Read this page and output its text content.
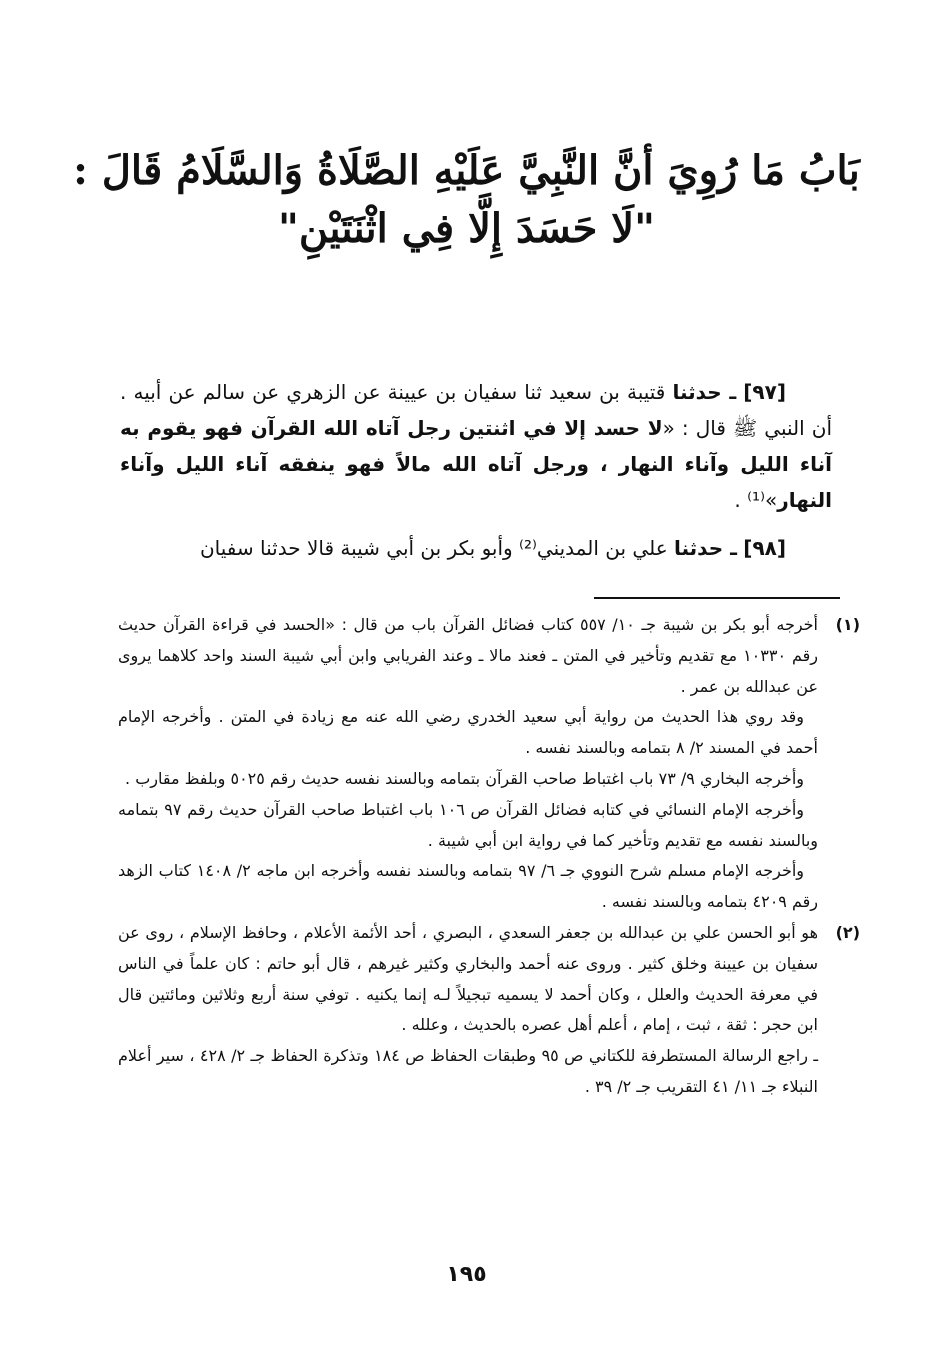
بَابُ مَا رُوِيَ أنَّ النَّبِيَّ عَلَيْهِ الصَّلَاةُ وَالسَّلَامُ قَالَ :
"لَا حَسَدَ إِلَّا فِي اثْنَتَيْنِ"

[٩٧] ـ حدثنا قتيبة بن سعيد ثنا سفيان بن عيينة عن الزهري عن سالم عن أبيه . أن النبي ﷺ قال : «لا حسد إلا في اثنتين رجل آتاه الله القرآن فهو يقوم به آناء الليل وآناء النهار ، ورجل آتاه الله مالاً فهو ينفقه آناء الليل وآناء النهار»⁽¹⁾ .

[٩٨] ـ حدثنا علي بن المديني⁽²⁾ وأبو بكر بن أبي شيبة قالا حدثنا سفيان

(١)

أخرجه أبو بكر بن شيبة جـ ١٠/ ٥٥٧ كتاب فضائل القرآن باب من قال : «الحسد في قراءة القرآن حديث رقم ١٠٣٣٠ مع تقديم وتأخير في المتن ـ فعند مالا ـ وعند الفريابي وابن أبي شيبة السند واحد كلاهما يروى عن عبدالله بن عمر .

وقد روي هذا الحديث من رواية أبي سعيد الخدري رضي الله عنه مع زيادة في المتن . وأخرجه الإمام أحمد في المسند ٢/ ٨ بتمامه وبالسند نفسه .

وأخرجه البخاري ٩/ ٧٣ باب اغتباط صاحب القرآن بتمامه وبالسند نفسه حديث رقم ٥٠٢٥ وبلفظ مقارب .

وأخرجه الإمام النسائي في كتابه فضائل القرآن ص ١٠٦ باب اغتباط صاحب القرآن حديث رقم ٩٧ بتمامه وبالسند نفسه مع تقديم وتأخير كما في رواية ابن أبي شيبة .

وأخرجه الإمام مسلم شرح النووي جـ ٦/ ٩٧ بتمامه وبالسند نفسه وأخرجه ابن ماجه ٢/ ١٤٠٨ كتاب الزهد رقم ٤٢٠٩ بتمامه وبالسند نفسه .

(٢)

هو أبو الحسن علي بن عبدالله بن جعفر السعدي ، البصري ، أحد الأئمة الأعلام ، وحافظ الإسلام ، روى عن سفيان بن عيينة وخلق كثير . وروى عنه أحمد والبخاري وكثير غيرهم ، قال أبو حاتم : كان علماً في الناس في معرفة الحديث والعلل ، وكان أحمد لا يسميه تبجيلاً لـه إنما يكنيه . توفي سنة أربع وثلاثين ومائتين قال ابن حجر : ثقة ، ثبت ، إمام ، أعلم أهل عصره بالحديث ، وعلله .

ـ راجع الرسالة المستطرفة للكتاني ص ٩٥ وطبقات الحفاظ ص ١٨٤ وتذكرة الحفاظ جـ ٢/ ٤٢٨ ، سير أعلام النبلاء جـ ١١/ ٤١ التقريب جـ ٢/ ٣٩ .

١٩٥
